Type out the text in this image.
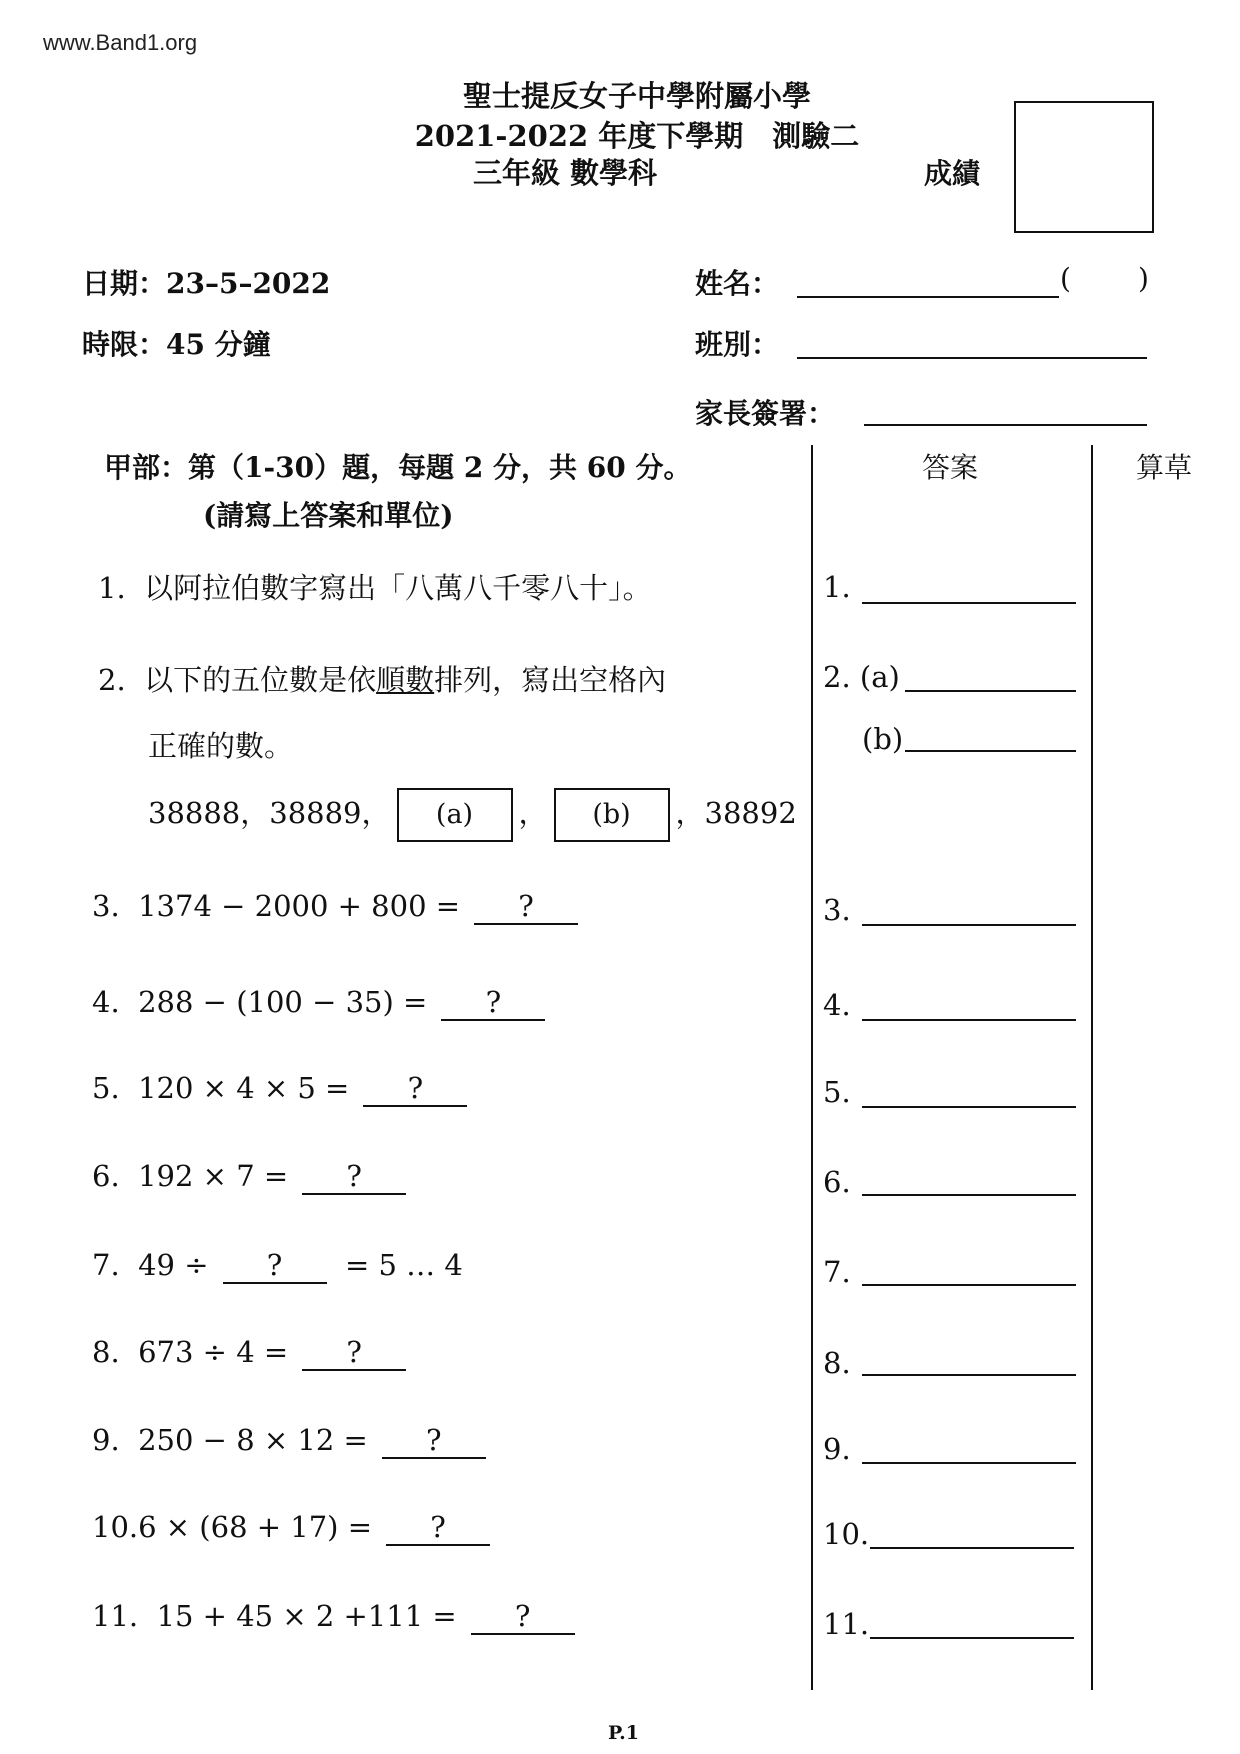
www.Band1.org
聖士提反女子中學附屬小學
2021-2022 年度下學期　測驗二
三年級 數學科	成績
日期：23–5–2022
時限：45 分鐘
姓名：	( )
班別：
家長簽署：
甲部：第（1-30）題，每題 2 分，共 60 分。
(請寫上答案和單位)
答案	算草
1. 以阿拉伯數字寫出「八萬八千零八十」。
2. 以下的五位數是依順數排列，寫出空格內
正確的數。
38888，38889， (a) ， (b) ，38892
3. 1374 − 2000 + 800 = ?
4. 288 − (100 − 35) = ?
5. 120 × 4 × 5 = ?
6. 192 × 7 = ?
7. 49 ÷ ? = 5 … 4
8. 673 ÷ 4 = ?
9. 250 − 8 × 12 = ?
10.6 × (68 + 17) = ?
11. 15 + 45 × 2 +111 = ?
1.
2. (a)
(b)
3.
4.
5.
6.
7.
8.
9.
10.
11.
P.1
